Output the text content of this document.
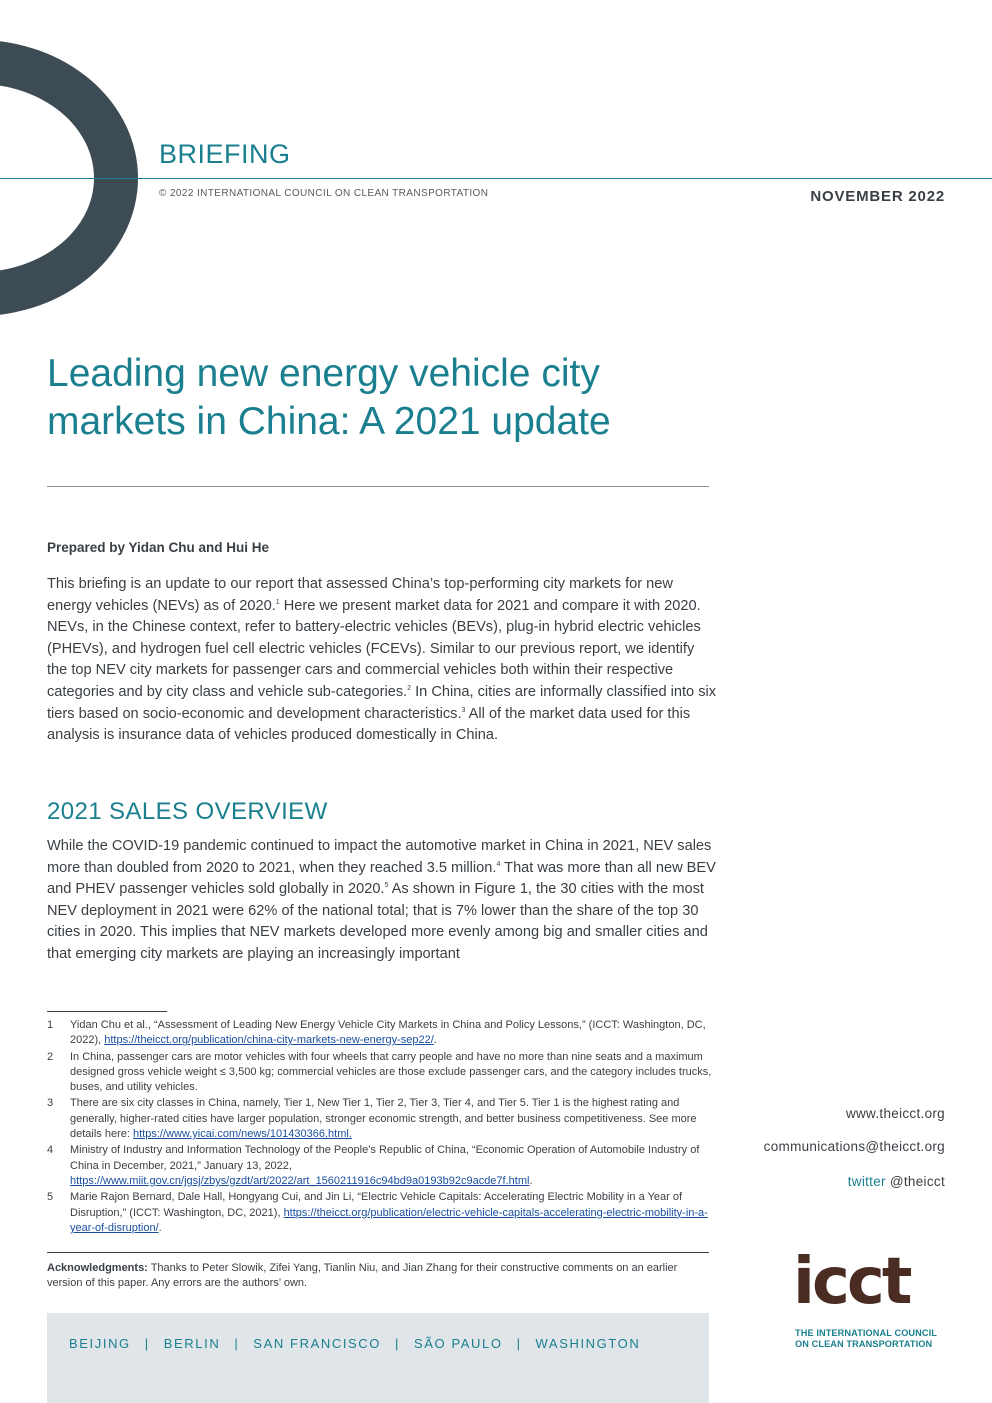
BRIEFING
© 2022 INTERNATIONAL COUNCIL ON CLEAN TRANSPORTATION	NOVEMBER 2022
Leading new energy vehicle city markets in China: A 2021 update
Prepared by Yidan Chu and Hui He

This briefing is an update to our report that assessed China’s top-performing city markets for new energy vehicles (NEVs) as of 2020.$^1$ Here we present market data for 2021 and compare it with 2020. NEVs, in the Chinese context, refer to battery-electric vehicles (BEVs), plug-in hybrid electric vehicles (PHEVs), and hydrogen fuel cell electric vehicles (FCEVs). Similar to our previous report, we identify the top NEV city markets for passenger cars and commercial vehicles both within their respective categories and by city class and vehicle sub-categories.$^2$ In China, cities are informally classified into six tiers based on socio-economic and development characteristics.$^3$ All of the market data used for this analysis is insurance data of vehicles produced domestically in China.

2021 SALES OVERVIEW

While the COVID-19 pandemic continued to impact the automotive market in China in 2021, NEV sales more than doubled from 2020 to 2021, when they reached 3.5 million.$^4$ That was more than all new BEV and PHEV passenger vehicles sold globally in 2020.$^5$ As shown in Figure 1, the 30 cities with the most NEV deployment in 2021 were 62% of the national total; that is 7% lower than the share of the top 30 cities in 2020. This implies that NEV markets developed more evenly among big and smaller cities and that emerging city markets are playing an increasingly important

1	Yidan Chu et al., “Assessment of Leading New Energy Vehicle City Markets in China and Policy Lessons,” (ICCT: Washington, DC, 2022), https://theicct.org/publication/china-city-markets-new-energy-sep22/.
2	In China, passenger cars are motor vehicles with four wheels that carry people and have no more than nine seats and a maximum designed gross vehicle weight ≤ 3,500 kg; commercial vehicles are those exclude passenger cars, and the category includes trucks, buses, and utility vehicles.
3	There are six city classes in China, namely, Tier 1, New Tier 1, Tier 2, Tier 3, Tier 4, and Tier 5. Tier 1 is the highest rating and generally, higher-rated cities have larger population, stronger economic strength, and better business competitiveness. See more details here: https://www.yicai.com/news/101430366.html.
4	Ministry of Industry and Information Technology of the People’s Republic of China, “Economic Operation of Automobile Industry of China in December, 2021,” January 13, 2022, https://www.miit.gov.cn/jgsj/zbys/gzdt/art/2022/art_1560211916c94bd9a0193b92c9acde7f.html.
5	Marie Rajon Bernard, Dale Hall, Hongyang Cui, and Jin Li, “Electric Vehicle Capitals: Accelerating Electric Mobility in a Year of Disruption,” (ICCT: Washington, DC, 2021), https://theicct.org/publication/electric-vehicle-capitals-accelerating-electric-mobility-in-a-year-of-disruption/.
Acknowledgments: Thanks to Peter Slowik, Zifei Yang, Tianlin Niu, and Jian Zhang for their constructive comments on an earlier version of this paper. Any errors are the authors’ own.
BEIJING | BERLIN | SAN FRANCISCO | SÃO PAULO | WASHINGTON
www.theicct.org
communications@theicct.org
twitter @theicct
icct
THE INTERNATIONAL COUNCIL
ON CLEAN TRANSPORTATION
